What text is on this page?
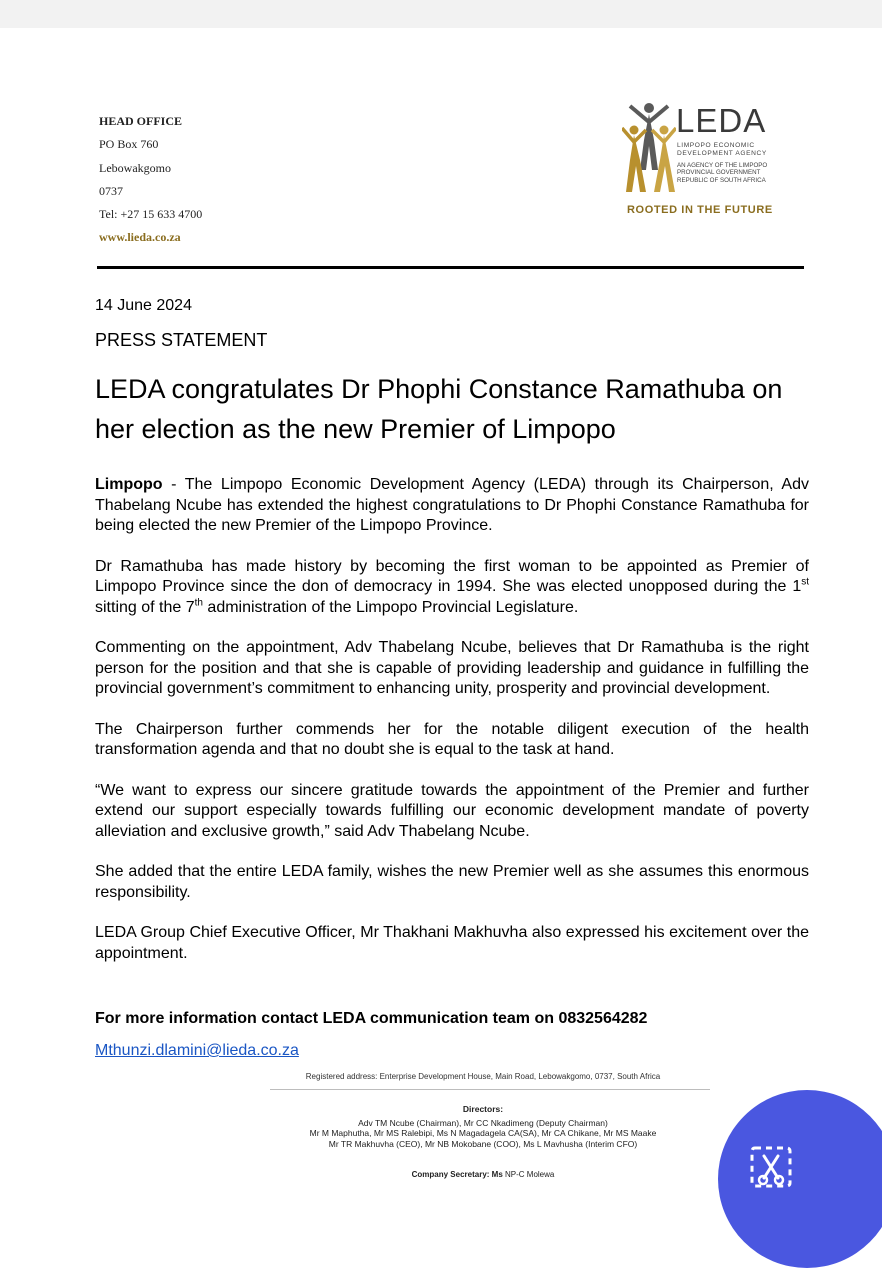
HEAD OFFICE
PO Box 760
Lebowakgomo
0737
Tel: +27 15 633 4700
www.lieda.co.za
LEDA
LIMPOPO ECONOMIC
DEVELOPMENT AGENCY
AN AGENCY OF THE LIMPOPO
PROVINCIAL GOVERNMENT
REPUBLIC OF SOUTH AFRICA
ROOTED IN THE FUTURE
14 June 2024
PRESS STATEMENT
LEDA congratulates Dr Phophi Constance Ramathuba on her election as the new Premier of Limpopo

Limpopo - The Limpopo Economic Development Agency (LEDA) through its Chairperson, Adv Thabelang Ncube has extended the highest congratulations to Dr Phophi Constance Ramathuba for being elected the new Premier of the Limpopo Province.

Dr Ramathuba has made history by becoming the first woman to be appointed as Premier of Limpopo Province since the don of democracy in 1994. She was elected unopposed during the 1st sitting of the 7th administration of the Limpopo Provincial Legislature.

Commenting on the appointment, Adv Thabelang Ncube, believes that Dr Ramathuba is the right person for the position and that she is capable of providing leadership and guidance in fulfilling the provincial government’s commitment to enhancing unity, prosperity and provincial development.

The Chairperson further commends her for the notable diligent execution of the health transformation agenda and that no doubt she is equal to the task at hand.

“We want to express our sincere gratitude towards the appointment of the Premier and further extend our support especially towards fulfilling our economic development mandate of poverty alleviation and exclusive growth,” said Adv Thabelang Ncube.

She added that the entire LEDA family, wishes the new Premier well as she assumes this enormous responsibility.

LEDA Group Chief Executive Officer, Mr Thakhani Makhuvha also expressed his excitement over the appointment.

For more information contact LEDA communication team on 0832564282
Mthunzi.dlamini@lieda.co.za
Registered address: Enterprise Development House, Main Road, Lebowakgomo, 0737, South Africa
Directors:
Adv TM Ncube (Chairman), Mr CC Nkadimeng (Deputy Chairman)
Mr M Maphutha, Mr MS Ralebipi, Ms N Magadagela CA(SA), Mr CA Chikane, Mr MS Maake
Mr TR Makhuvha (CEO), Mr NB Mokobane (COO), Ms L Mavhusha (Interim CFO)
Company Secretary: Ms NP-C Molewa
